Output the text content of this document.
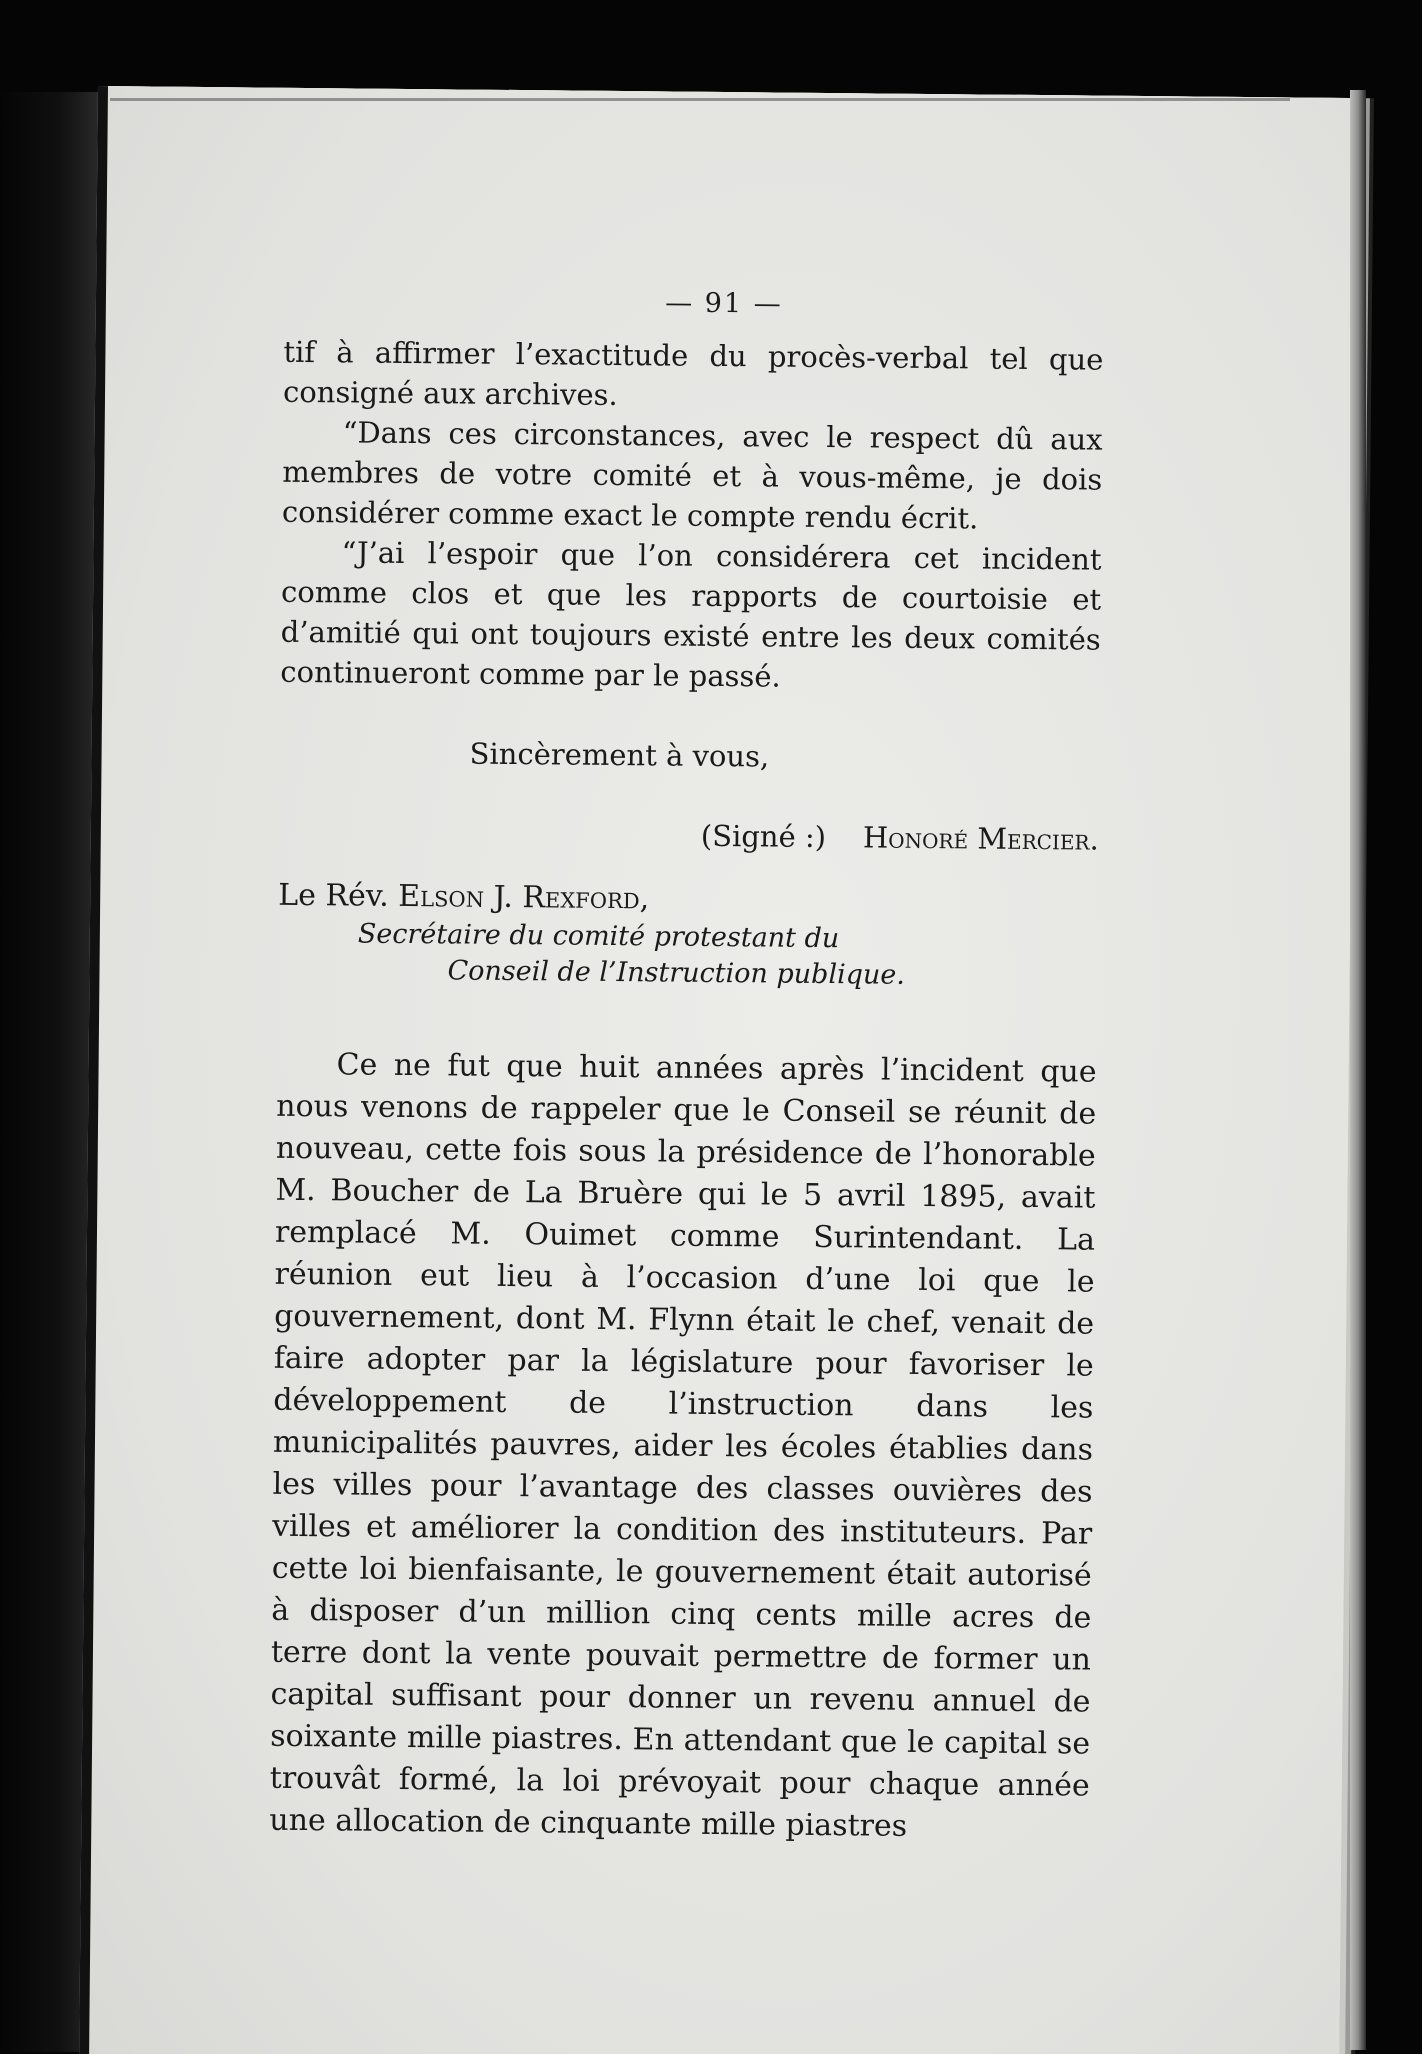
— 91 —

tif à affirmer l’exactitude du procès-verbal tel que consigné aux archives.

“Dans ces circonstances, avec le respect dû aux membres de votre comité et à vous-même, je dois considérer comme exact le compte rendu écrit.

“J’ai l’espoir que l’on considérera cet incident comme clos et que les rapports de courtoisie et d’amitié qui ont toujours existé entre les deux comités continueront comme par le passé.

Sincèrement à vous,

(Signé :) Honoré Mercier.

Le Rév. Elson J. Rexford,

Secrétaire du comité protestant du

Conseil de l’Instruction publique.

Ce ne fut que huit années après l’incident que nous venons de rappeler que le Conseil se réunit de nouveau, cette fois sous la présidence de l’honorable M. Boucher de La Bruère qui le 5 avril 1895, avait remplacé M. Ouimet comme Surintendant. La réunion eut lieu à l’occasion d’une loi que le gouvernement, dont M. Flynn était le chef, venait de faire adopter par la législature pour favoriser le développement de l’instruction dans les municipalités pauvres, aider les écoles établies dans les villes pour l’avantage des classes ouvières des villes et améliorer la condition des instituteurs. Par cette loi bienfaisante, le gouvernement était autorisé à disposer d’un million cinq cents mille acres de terre dont la vente pouvait permettre de former un capital suffisant pour donner un revenu annuel de soixante mille piastres. En attendant que le capital se trouvât formé, la loi prévoyait pour chaque année une allocation de cinquante mille piastres
